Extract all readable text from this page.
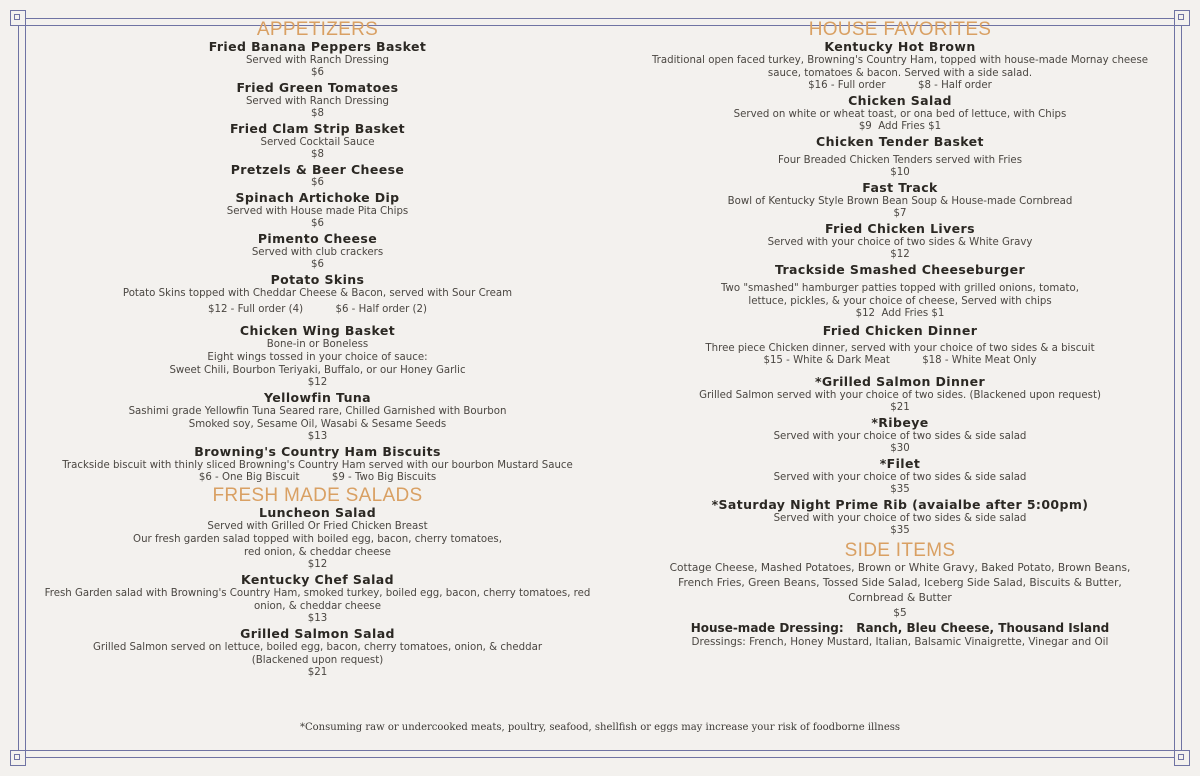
APPETIZERS
Fried Banana Peppers Basket
Served with Ranch Dressing
$6
Fried Green Tomatoes
Served with Ranch Dressing
$8
Fried Clam Strip Basket
Served Cocktail Sauce
$8
Pretzels & Beer Cheese
$6
Spinach Artichoke Dip
Served with House made Pita Chips
$6
Pimento Cheese
Served with club crackers
$6
Potato Skins
Potato Skins topped with Cheddar Cheese & Bacon, served with Sour Cream
$12 - Full order (4)          $6 - Half order (2)
Chicken Wing Basket
Bone-in or Boneless
Eight wings tossed in your choice of sauce:
Sweet Chili, Bourbon Teriyaki, Buffalo, or our Honey Garlic
$12
Yellowfin Tuna
Sashimi grade Yellowfin Tuna Seared rare, Chilled Garnished with Bourbon
Smoked soy, Sesame Oil, Wasabi & Sesame Seeds
$13
Browning's Country Ham Biscuits
Trackside biscuit with thinly sliced Browning's Country Ham served with our bourbon Mustard Sauce
$6 - One Big Biscuit          $9 - Two Big Biscuits
FRESH MADE SALADS
Luncheon Salad
Served with Grilled Or Fried Chicken Breast
Our fresh garden salad topped with boiled egg, bacon, cherry tomatoes,
red onion, & cheddar cheese
$12
Kentucky Chef Salad
Fresh Garden salad with Browning's Country Ham, smoked turkey, boiled egg, bacon, cherry tomatoes, red
onion, & cheddar cheese
$13
Grilled Salmon Salad
Grilled Salmon served on lettuce, boiled egg, bacon, cherry tomatoes, onion, & cheddar
(Blackened upon request)
$21
HOUSE FAVORITES
Kentucky Hot Brown
Traditional open faced turkey, Browning's Country Ham, topped with house-made Mornay cheese
sauce, tomatoes & bacon. Served with a side salad.
$16 - Full order          $8 - Half order
Chicken Salad
Served on white or wheat toast, or ona bed of lettuce, with Chips
$9  Add Fries $1
Chicken Tender Basket
Four Breaded Chicken Tenders served with Fries
$10
Fast Track
Bowl of Kentucky Style Brown Bean Soup & House-made Cornbread
$7
Fried Chicken Livers
Served with your choice of two sides & White Gravy
$12
Trackside Smashed Cheeseburger
Two "smashed" hamburger patties topped with grilled onions, tomato,
lettuce, pickles, & your choice of cheese, Served with chips
$12  Add Fries $1
Fried Chicken Dinner
Three piece Chicken dinner, served with your choice of two sides & a biscuit
$15 - White & Dark Meat          $18 - White Meat Only
*Grilled Salmon Dinner
Grilled Salmon served with your choice of two sides. (Blackened upon request)
$21
*Ribeye
Served with your choice of two sides & side salad
$30
*Filet
Served with your choice of two sides & side salad
$35
*Saturday Night Prime Rib (avaialbe after 5:00pm)
Served with your choice of two sides & side salad
$35
SIDE ITEMS
Cottage Cheese, Mashed Potatoes, Brown or White Gravy, Baked Potato, Brown Beans,
French Fries, Green Beans, Tossed Side Salad, Iceberg Side Salad, Biscuits & Butter,
Cornbread & Butter
$5
House-made Dressing:   Ranch, Bleu Cheese, Thousand Island
Dressings: French, Honey Mustard, Italian, Balsamic Vinaigrette, Vinegar and Oil
*Consuming raw or undercooked meats, poultry, seafood, shellfish or eggs may increase your risk of foodborne illness
